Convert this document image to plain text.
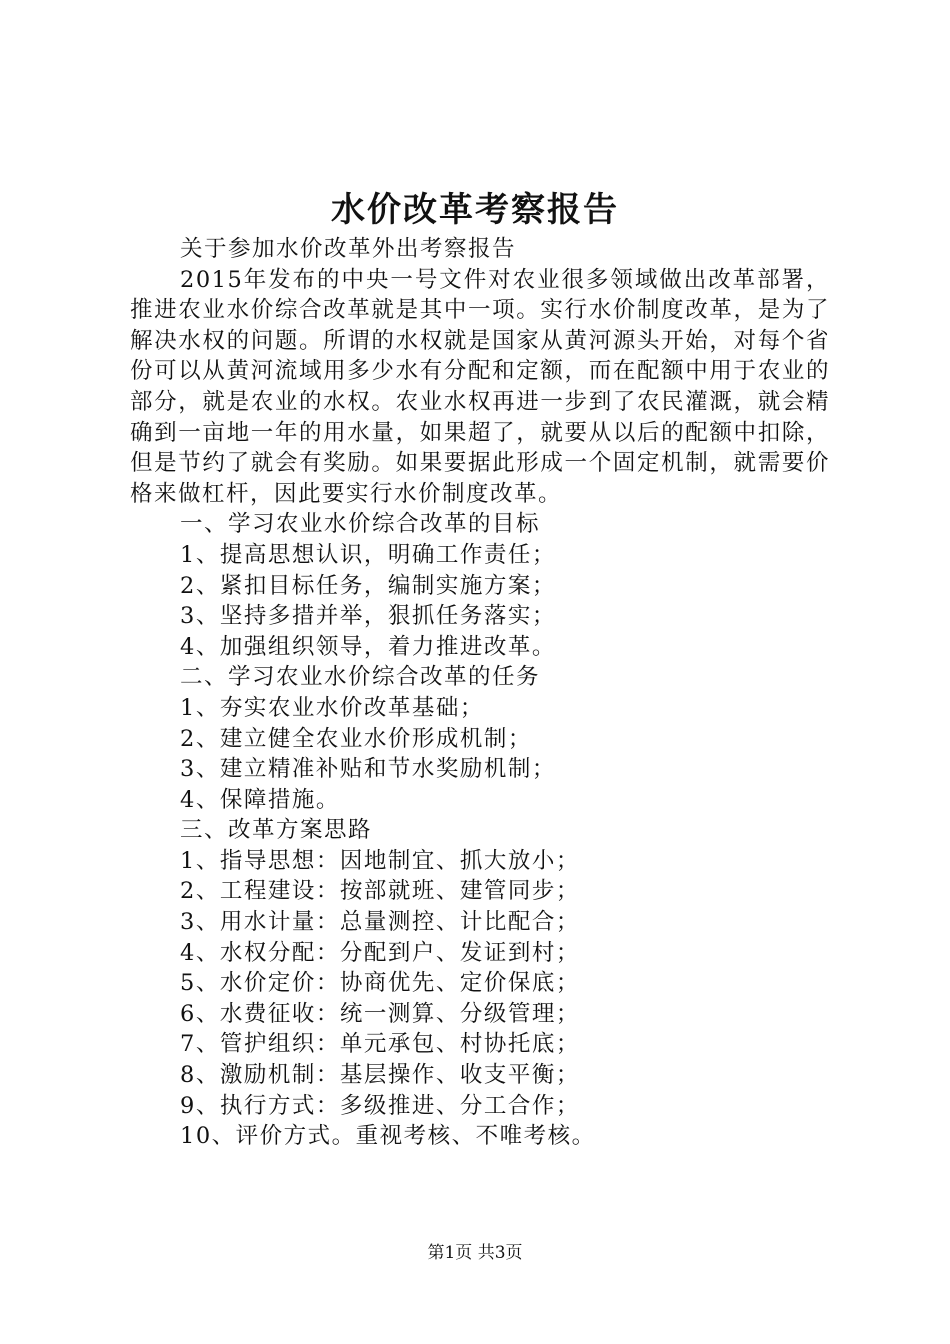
水价改革考察报告

关于参加水价改革外出考察报告

2015年发布的中央一号文件对农业很多领域做出改革部署，推进农业水价综合改革就是其中一项。实行水价制度改革，是为了解决水权的问题。所谓的水权就是国家从黄河源头开始，对每个省份可以从黄河流域用多少水有分配和定额，而在配额中用于农业的部分，就是农业的水权。农业水权再进一步到了农民灌溉，就会精确到一亩地一年的用水量，如果超了，就要从以后的配额中扣除，但是节约了就会有奖励。如果要据此形成一个固定机制，就需要价格来做杠杆，因此要实行水价制度改革。

一、学习农业水价综合改革的目标

1、提高思想认识，明确工作责任；

2、紧扣目标任务，编制实施方案；

3、坚持多措并举，狠抓任务落实；

4、加强组织领导，着力推进改革。

二、学习农业水价综合改革的任务

1、夯实农业水价改革基础；

2、建立健全农业水价形成机制；

3、建立精准补贴和节水奖励机制；

4、保障措施。

三、改革方案思路

1、指导思想：因地制宜、抓大放小；

2、工程建设：按部就班、建管同步；

3、用水计量：总量测控、计比配合；

4、水权分配：分配到户、发证到村；

5、水价定价：协商优先、定价保底；

6、水费征收：统一测算、分级管理；

7、管护组织：单元承包、村协托底；

8、激励机制：基层操作、收支平衡；

9、执行方式：多级推进、分工合作；

10、评价方式。重视考核、不唯考核。

第1页 共3页
